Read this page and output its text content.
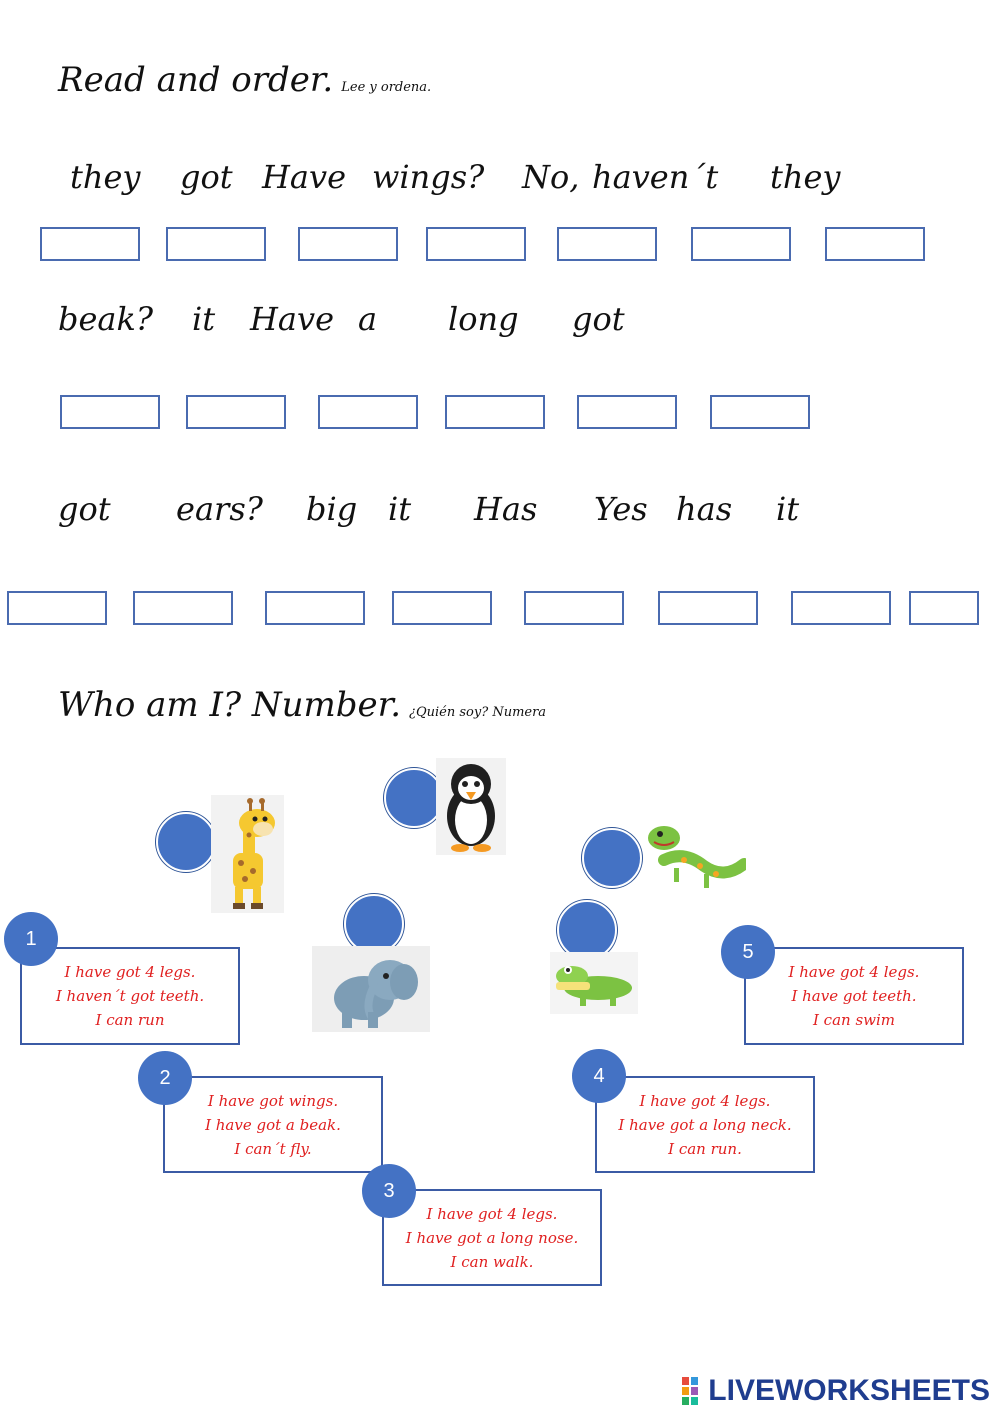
Read and order. Lee y ordena.
they got Have wings? No, haven´t they
beak? it Have a long got
got ears? big it Has Yes has it
Who am I? Number. ¿Quién soy? Numera
I have got 4 legs.
I haven´t got teeth.
I can run
1
I have got wings.
I have got a beak.
I can´t fly.
2
I have got 4 legs.
I have got a long neck.
I can run.
4
I have got 4 legs.
I have got teeth.
I can swim
5
I have got 4 legs.
I have got a long nose.
I can walk.
3
LIVEWORKSHEETS
